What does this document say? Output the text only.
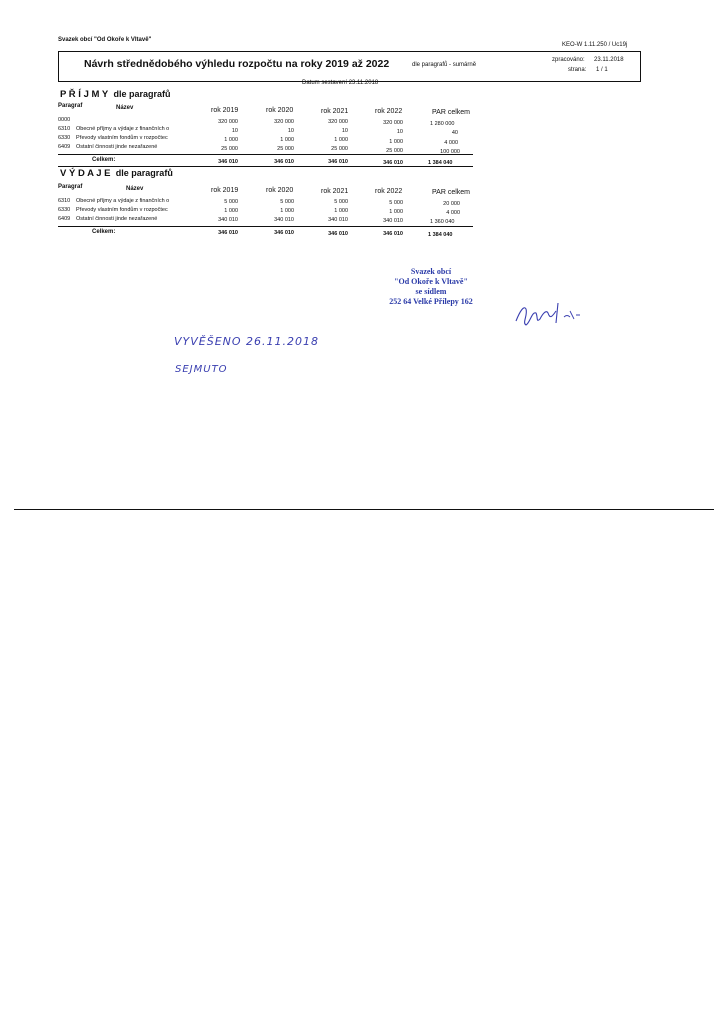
Svazek obcí "Od Okoře k Vltavě"
KEO-W 1.11.250 / Uc19j
Návrh střednědobého výhledu rozpočtu na roky 2019 až 2022	dle paragrafů - sumárně
zpracováno: 23.11.2018
strana: 1 / 1
Datum sestavení 23.11.2018
P Ř Í J M Y dle paragrafů
Paragraf	Název	rok 2019	rok 2020	rok 2021	rok 2022	PAR celkem
0000	320 000	320 000	320 000	320 000	1 280 000
6310 Obecné příjmy a výdaje z finančních o	10	10	10	10	40
6330 Převody vlastním fondům v rozpočtec	1 000	1 000	1 000	1 000	4 000
6409 Ostatní činnosti jinde nezařazené	25 000	25 000	25 000	25 000	100 000
Celkem:	346 010	346 010	346 010	346 010	1 384 040
V Ý D A J E dle paragrafů
Paragraf	Název	rok 2019	rok 2020	rok 2021	rok 2022	PAR celkem
6310 Obecné příjmy a výdaje z finančních o	5 000	5 000	5 000	5 000	20 000
6330 Převody vlastním fondům v rozpočtec	1 000	1 000	1 000	1 000	4 000
6409 Ostatní činnosti jinde nezařazené	340 010	340 010	340 010	340 010	1 360 040
Celkem:	346 010	346 010	346 010	346 010	1 384 040
Svazek obcí
"Od Okoře k Vltavě"
se sídlem
252 64 Velké Přílepy 162
VYVĚŠENO 26.11.2018
SEJMUTO
